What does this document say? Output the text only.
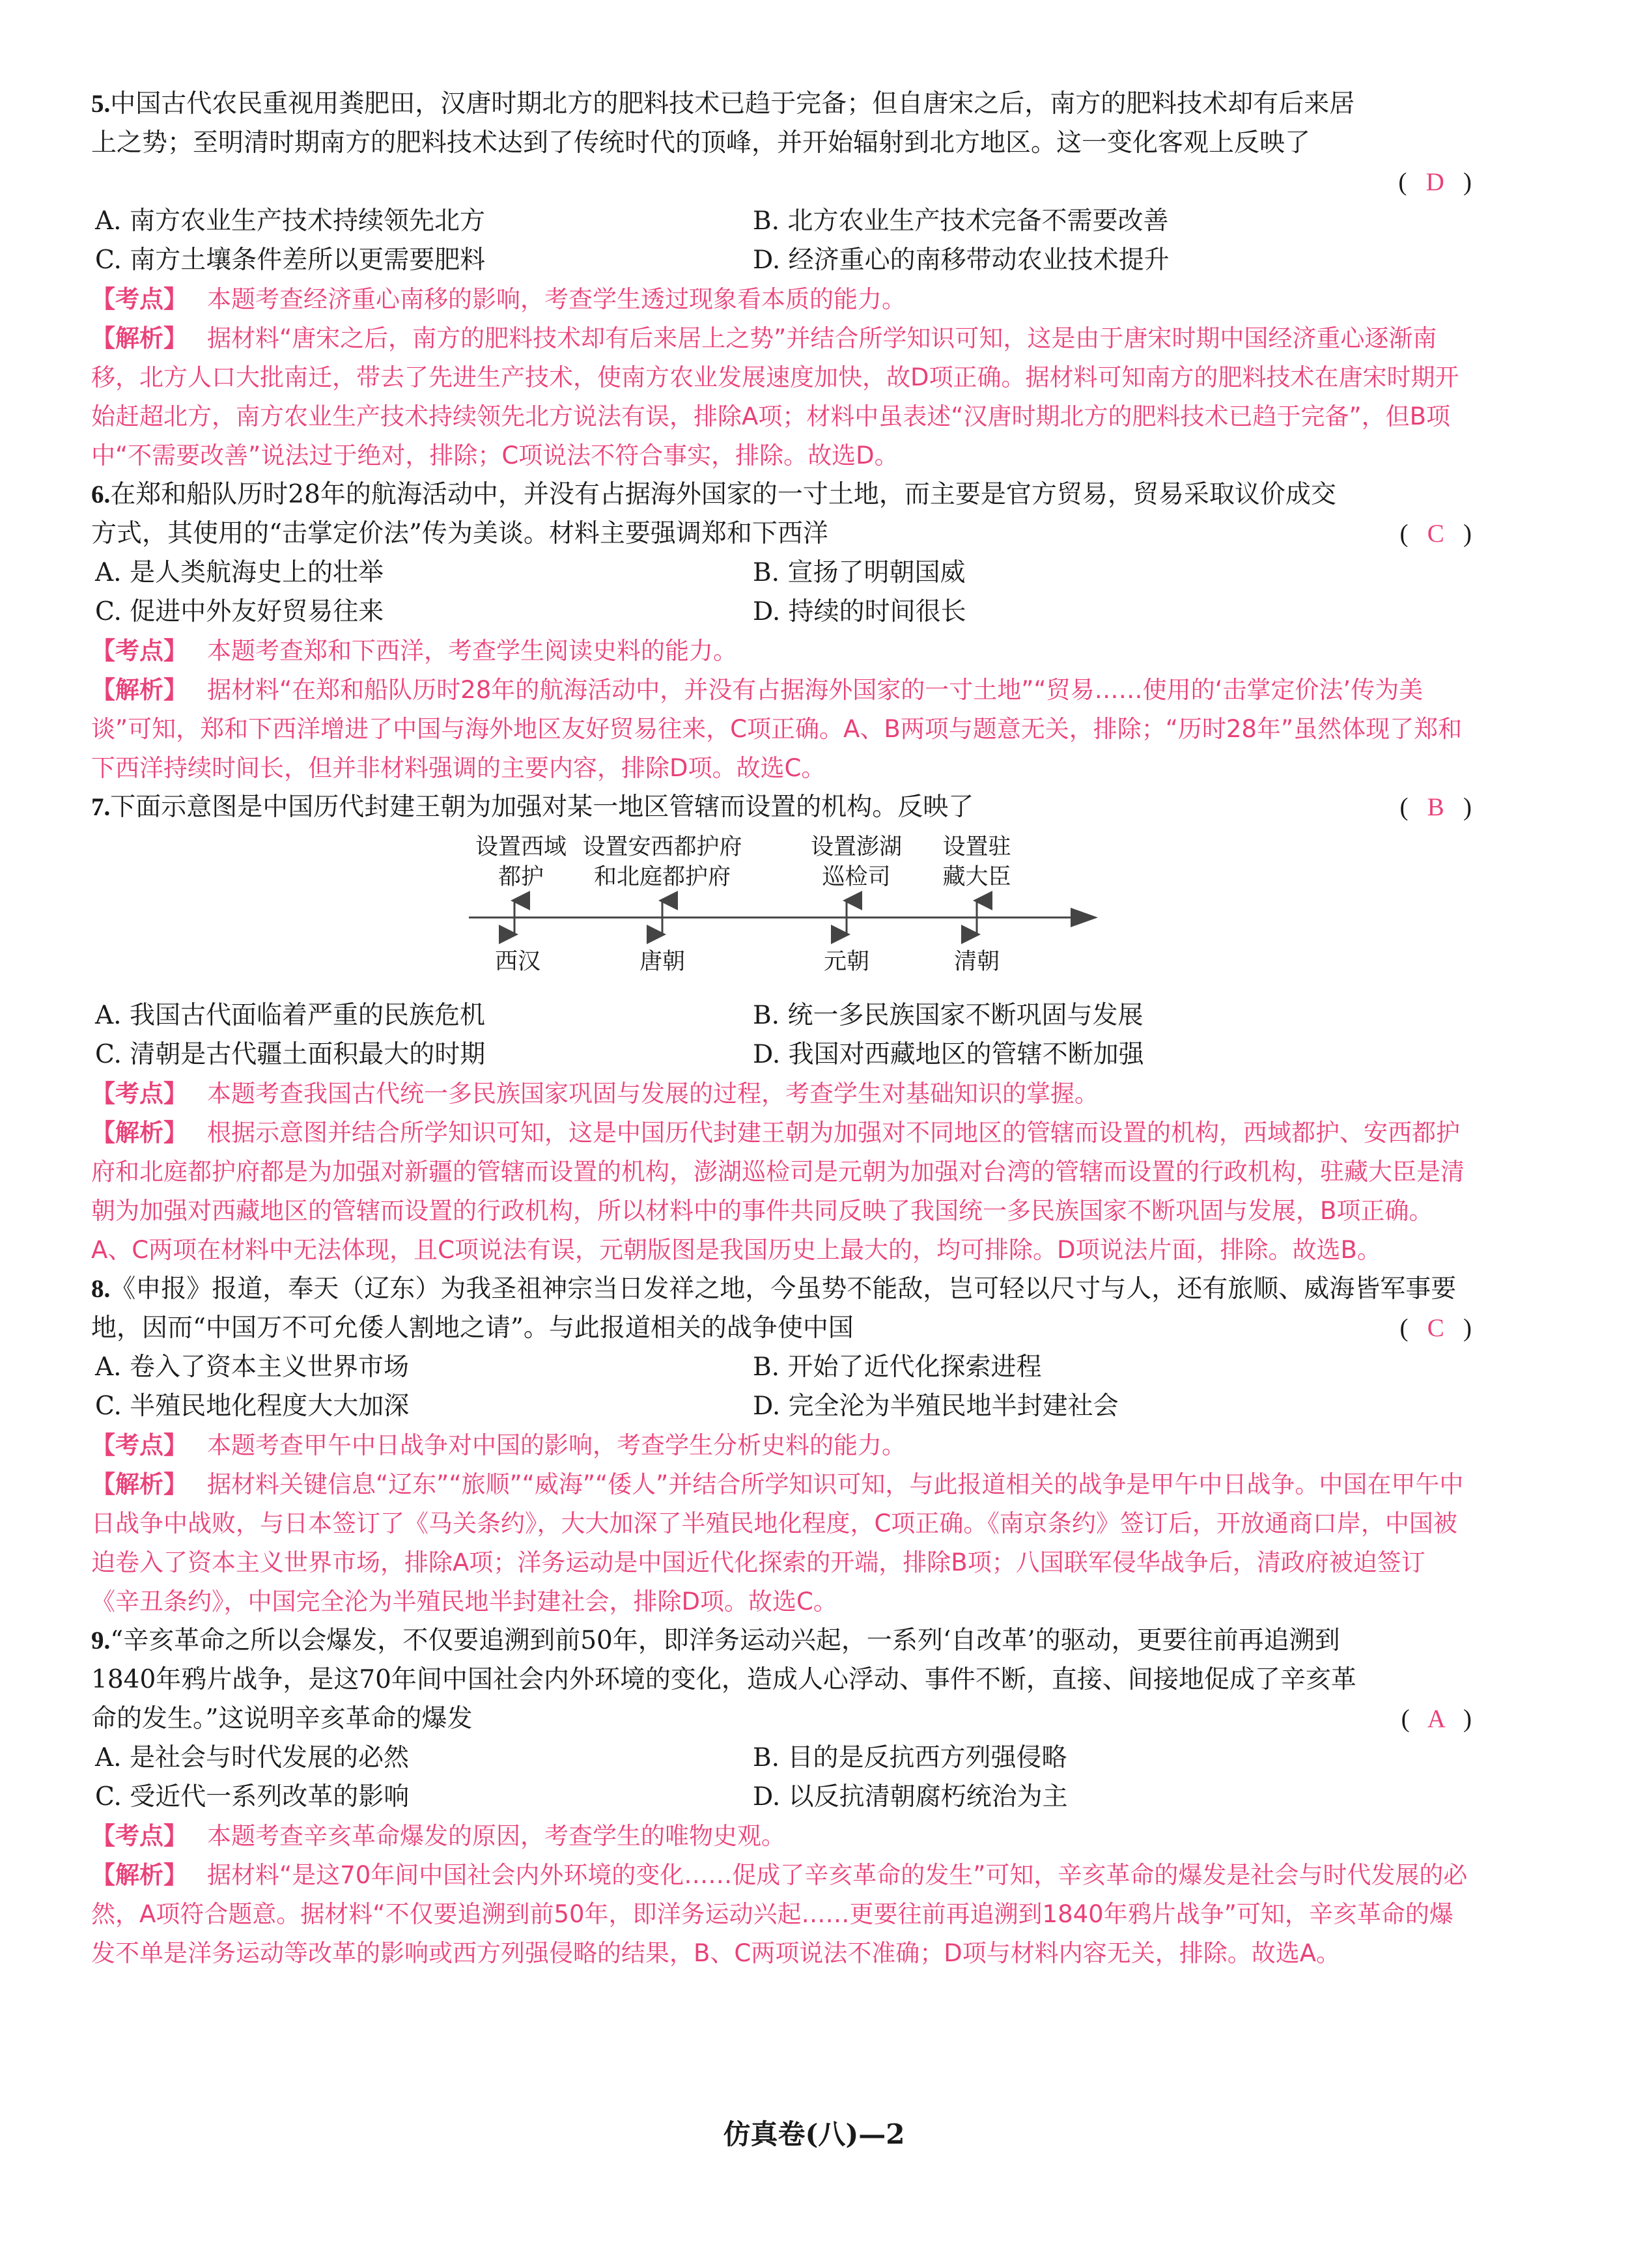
5.中国古代农民重视用粪肥田，汉唐时期北方的肥料技术已趋于完备；但自唐宋之后，南方的肥料技术却有后来居

上之势；至明清时期南方的肥料技术达到了传统时代的顶峰，并开始辐射到北方地区。这一变化客观上反映了

(
D
)
A. 南方农业生产技术持续领先北方	B. 北方农业生产技术完备不需要改善
C. 南方土壤条件差所以更需要肥料	D. 经济重心的南移带动农业技术提升
【考点】 本题考查经济重心南移的影响，考查学生透过现象看本质的能力。
【解析】 据材料“唐宋之后，南方的肥料技术却有后来居上之势”并结合所学知识可知，这是由于唐宋时期中国经济重心逐渐南移，北方人口大批南迁，带去了先进生产技术，使南方农业发展速度加快，故D项正确。据材料可知南方的肥料技术在唐宋时期开始赶超北方，南方农业生产技术持续领先北方说法有误，排除A项；材料中虽表述“汉唐时期北方的肥料技术已趋于完备”，但B项中“不需要改善”说法过于绝对，排除；C项说法不符合事实，排除。故选D。

6.在郑和船队历时28年的航海活动中，并没有占据海外国家的一寸土地，而主要是官方贸易，贸易采取议价成交

方式，其使用的“击掌定价法”传为美谈。材料主要强调郑和下西洋	( C )
A. 是人类航海史上的壮举	B. 宣扬了明朝国威
C. 促进中外友好贸易往来	D. 持续的时间很长
【考点】 本题考查郑和下西洋，考查学生阅读史料的能力。
【解析】 据材料“在郑和船队历时28年的航海活动中，并没有占据海外国家的一寸土地”“贸易……使用的‘击掌定价法’传为美谈”可知，郑和下西洋增进了中国与海外地区友好贸易往来，C项正确。A、B两项与题意无关，排除；“历时28年”虽然体现了郑和下西洋持续时间长，但并非材料强调的主要内容，排除D项。故选C。
7.下面示意图是中国历代封建王朝为加强对某一地区管辖而设置的机构。反映了	( B )
设置西域
都护
设置安西都护府
和北庭都护府
设置澎湖
巡检司
设置驻
藏大臣
西汉	唐朝	元朝	清朝
A. 我国古代面临着严重的民族危机	B. 统一多民族国家不断巩固与发展
C. 清朝是古代疆土面积最大的时期	D. 我国对西藏地区的管辖不断加强
【考点】 本题考查我国古代统一多民族国家巩固与发展的过程，考查学生对基础知识的掌握。
【解析】 根据示意图并结合所学知识可知，这是中国历代封建王朝为加强对不同地区的管辖而设置的机构，西域都护、安西都护府和北庭都护府都是为加强对新疆的管辖而设置的机构，澎湖巡检司是元朝为加强对台湾的管辖而设置的行政机构，驻藏大臣是清朝为加强对西藏地区的管辖而设置的行政机构，所以材料中的事件共同反映了我国统一多民族国家不断巩固与发展，B项正确。A、C两项在材料中无法体现，且C项说法有误，元朝版图是我国历史上最大的，均可排除。D项说法片面，排除。故选B。

8.《申报》报道，奉天（辽东）为我圣祖神宗当日发祥之地，今虽势不能敌，岂可轻以尺寸与人，还有旅顺、威海皆军事要

地，因而“中国万不可允倭人割地之请”。与此报道相关的战争使中国	( C )
A. 卷入了资本主义世界市场	B. 开始了近代化探索进程
C. 半殖民地化程度大大加深	D. 完全沦为半殖民地半封建社会
【考点】 本题考查甲午中日战争对中国的影响，考查学生分析史料的能力。
【解析】 据材料关键信息“辽东”“旅顺”“威海”“倭人”并结合所学知识可知，与此报道相关的战争是甲午中日战争。中国在甲午中日战争中战败，与日本签订了《马关条约》，大大加深了半殖民地化程度，C项正确。《南京条约》签订后，开放通商口岸，中国被迫卷入了资本主义世界市场，排除A项；洋务运动是中国近代化探索的开端，排除B项；八国联军侵华战争后，清政府被迫签订《辛丑条约》，中国完全沦为半殖民地半封建社会，排除D项。故选C。

9.“辛亥革命之所以会爆发，不仅要追溯到前50年，即洋务运动兴起，一系列‘自改革’的驱动，更要往前再追溯到

1840年鸦片战争，是这70年间中国社会内外环境的变化，造成人心浮动、事件不断，直接、间接地促成了辛亥革

命的发生。”这说明辛亥革命的爆发	( A )
A. 是社会与时代发展的必然	B. 目的是反抗西方列强侵略
C. 受近代一系列改革的影响	D. 以反抗清朝腐朽统治为主
【考点】 本题考查辛亥革命爆发的原因，考查学生的唯物史观。
【解析】 据材料“是这70年间中国社会内外环境的变化……促成了辛亥革命的发生”可知，辛亥革命的爆发是社会与时代发展的必然，A项符合题意。据材料“不仅要追溯到前50年，即洋务运动兴起……更要往前再追溯到1840年鸦片战争”可知，辛亥革命的爆发不单是洋务运动等改革的影响或西方列强侵略的结果，B、C两项说法不准确；D项与材料内容无关，排除。故选A。
仿真卷(八)—2
